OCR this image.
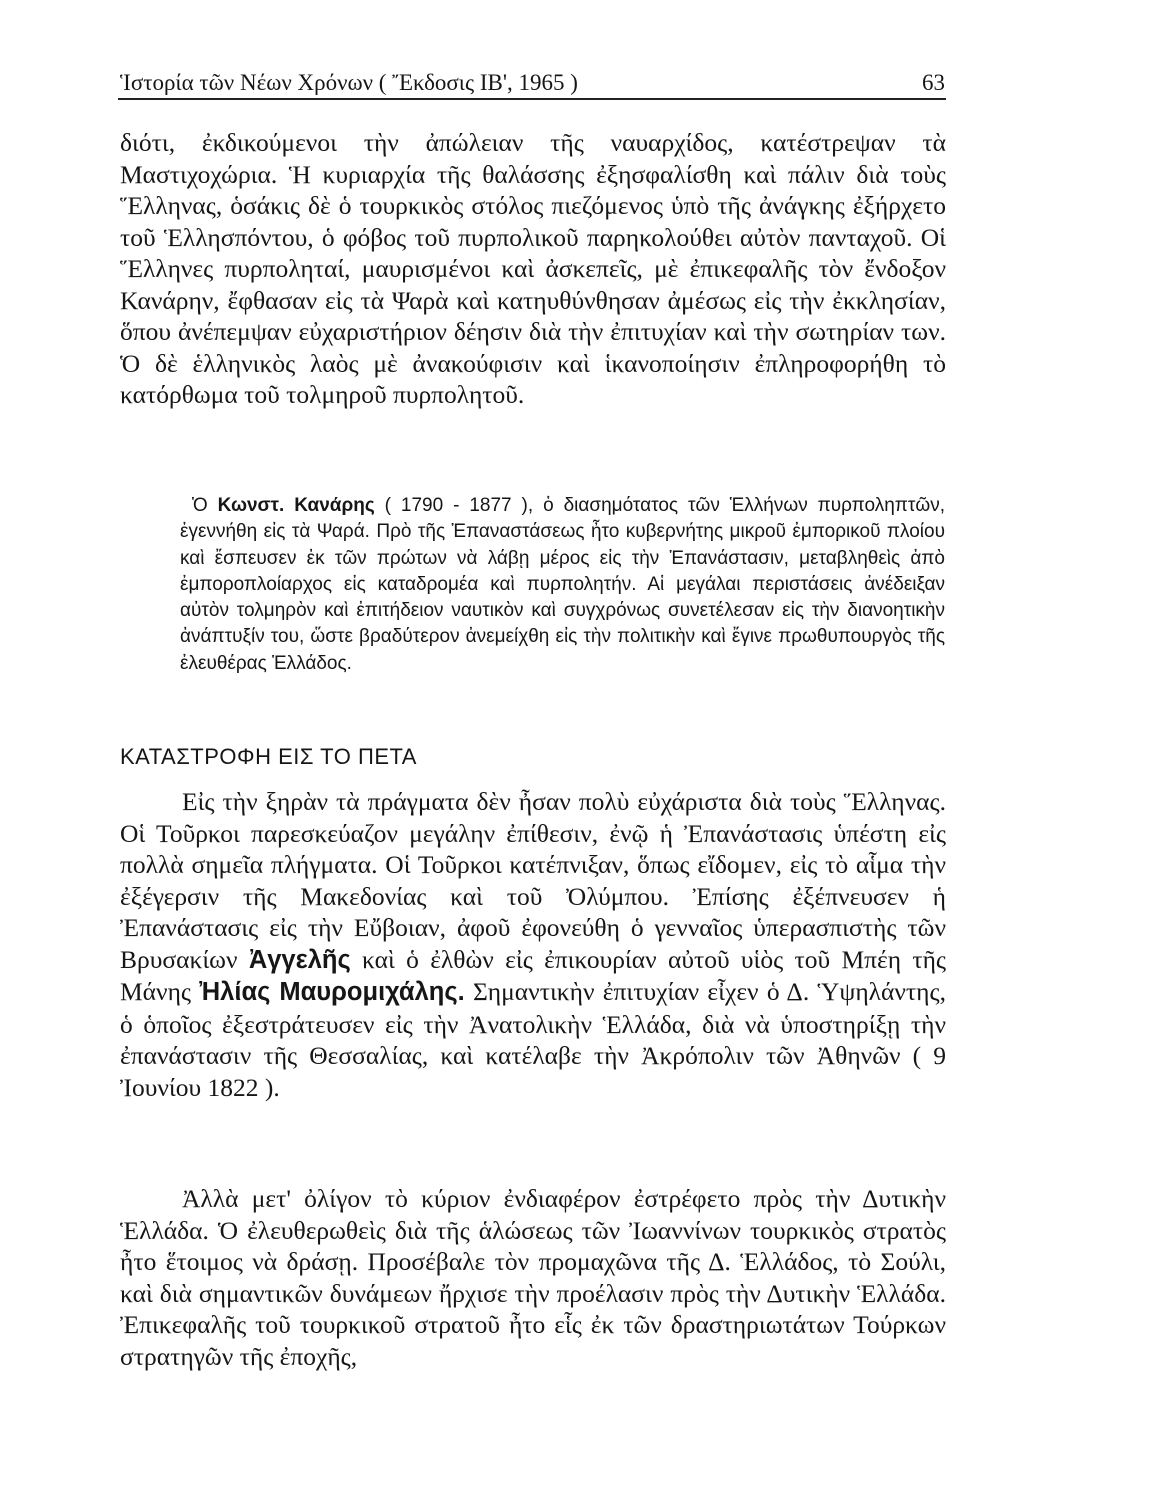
Ἱστορία τῶν Νέων Χρόνων ( Ἔκδοσις ΙΒ', 1965 )	63

διότι, ἐκδικούμενοι τὴν ἀπώλειαν τῆς ναυαρχίδος, κατέστρεψαν τὰ Μαστιχοχώρια. Ἡ κυριαρχία τῆς θαλάσσης ἐξησφαλίσθη καὶ πάλιν διὰ τοὺς Ἕλληνας, ὁσάκις δὲ ὁ τουρκικὸς στόλος πιεζόμενος ὑπὸ τῆς ἀνάγκης ἐξήρχετο τοῦ Ἑλλησπόντου, ὁ φόβος τοῦ πυρπολικοῦ παρηκολούθει αὐτὸν πανταχοῦ. Οἱ Ἕλληνες πυρποληταί, μαυρισμένοι καὶ ἀσκεπεῖς, μὲ ἐπικεφαλῆς τὸν ἔνδοξον Κανάρην, ἔφθασαν εἰς τὰ Ψαρὰ καὶ κατηυθύνθησαν ἀμέσως εἰς τὴν ἐκκλησίαν, ὅπου ἀνέπεμψαν εὐχαριστήριον δέησιν διὰ τὴν ἐπιτυχίαν καὶ τὴν σωτηρίαν των. Ὁ δὲ ἑλληνικὸς λαὸς μὲ ἀνακούφισιν καὶ ἱκανοποίησιν ἐπληροφορήθη τὸ κατόρθωμα τοῦ τολμηροῦ πυρπολητοῦ.

Ὁ Κωνστ. Κανάρης ( 1790 - 1877 ), ὁ διασημότατος τῶν Ἑλλήνων πυρποληπτῶν, ἐγεννήθη εἰς τὰ Ψαρά. Πρὸ τῆς Ἐπαναστάσεως ἦτο κυβερνήτης μικροῦ ἐμπορικοῦ πλοίου καὶ ἔσπευσεν ἐκ τῶν πρώτων νὰ λάβῃ μέρος εἰς τὴν Ἐπανάστασιν, μεταβληθεὶς ἀπὸ ἐμποροπλοίαρχος εἰς καταδρομέα καὶ πυρπολητήν. Αἱ μεγάλαι περιστάσεις ἀνέδειξαν αὐτὸν τολμηρὸν καὶ ἐπιτήδειον ναυτικὸν καὶ συγχρόνως συνετέλεσαν εἰς τὴν διανοητικὴν ἀνάπτυξίν του, ὥστε βραδύτερον ἀνεμείχθη εἰς τὴν πολιτικὴν καὶ ἔγινε πρωθυπουργὸς τῆς ἐλευθέρας Ἑλλάδος.

ΚΑΤΑΣΤΡΟΦΗ ΕΙΣ ΤΟ ΠΕΤΑ

Εἰς τὴν ξηρὰν τὰ πράγματα δὲν ἦσαν πολὺ εὐχάριστα διὰ τοὺς Ἕλληνας. Οἱ Τοῦρκοι παρεσκεύαζον μεγάλην ἐπίθεσιν, ἐνῷ ἡ Ἐπανάστασις ὑπέστη εἰς πολλὰ σημεῖα πλήγματα. Οἱ Τοῦρκοι κατέπνιξαν, ὅπως εἴδομεν, εἰς τὸ αἷμα τὴν ἐξέγερσιν τῆς Μακεδονίας καὶ τοῦ Ὀλύμπου. Ἐπίσης ἐξέπνευσεν ἡ Ἐπανάστασις εἰς τὴν Εὔβοιαν, ἀφοῦ ἐφονεύθη ὁ γενναῖος ὑπερασπιστὴς τῶν Βρυσακίων Ἀγγελῆς καὶ ὁ ἐλθὼν εἰς ἐπικουρίαν αὐτοῦ υἱὸς τοῦ Μπέη τῆς Μάνης Ἠλίας Μαυρομιχάλης. Σημαντικὴν ἐπιτυχίαν εἶχεν ὁ Δ. Ὑψηλάντης, ὁ ὁποῖος ἐξεστράτευσεν εἰς τὴν Ἀνατολικὴν Ἑλλάδα, διὰ νὰ ὑποστηρίξῃ τὴν ἐπανάστασιν τῆς Θεσσαλίας, καὶ κατέλαβε τὴν Ἀκρόπολιν τῶν Ἀθηνῶν ( 9 Ἰουνίου 1822 ).

Ἀλλὰ μετ' ὀλίγον τὸ κύριον ἐνδιαφέρον ἐστρέφετο πρὸς τὴν Δυτικὴν Ἑλλάδα. Ὁ ἐλευθερωθεὶς διὰ τῆς ἁλώσεως τῶν Ἰωαννίνων τουρκικὸς στρατὸς ἦτο ἕτοιμος νὰ δράσῃ. Προσέβαλε τὸν προμαχῶνα τῆς Δ. Ἑλλάδος, τὸ Σούλι, καὶ διὰ σημαντικῶν δυνάμεων ἤρχισε τὴν προέλασιν πρὸς τὴν Δυτικὴν Ἑλλάδα. Ἐπικεφαλῆς τοῦ τουρκικοῦ στρατοῦ ἦτο εἷς ἐκ τῶν δραστηριωτάτων Τούρκων στρατηγῶν τῆς ἐποχῆς,
